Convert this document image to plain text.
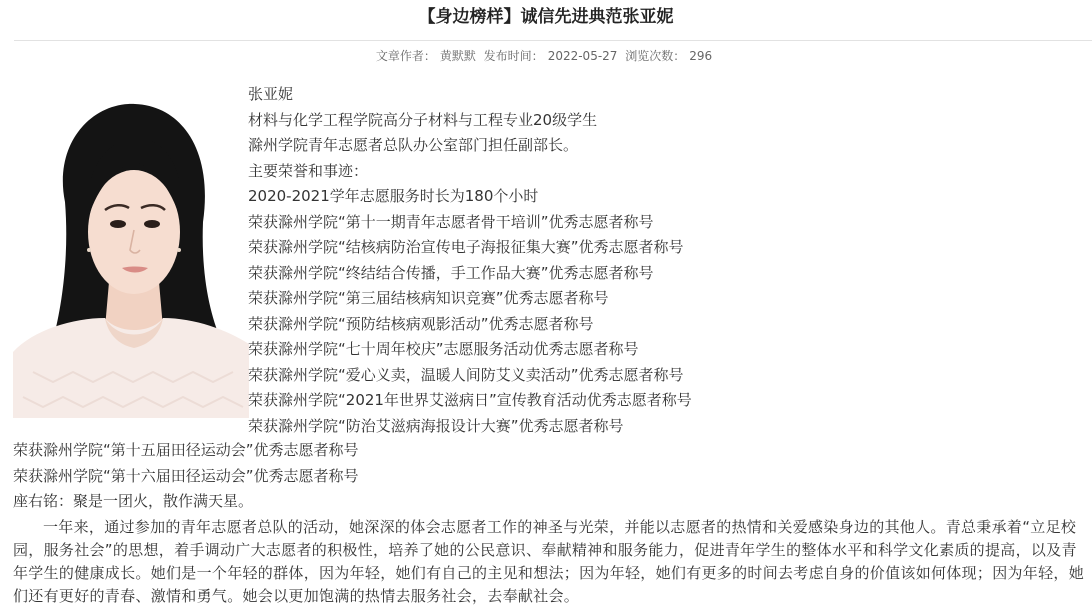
【身边榜样】诚信先进典范张亚妮
文章作者： 黄默默 发布时间： 2022-05-27 浏览次数： 296
张亚妮
材料与化学工程学院高分子材料与工程专业20级学生
滁州学院青年志愿者总队办公室部门担任副部长。
主要荣誉和事迹：
2020-2021学年志愿服务时长为180个小时
荣获滁州学院“第十一期青年志愿者骨干培训”优秀志愿者称号
荣获滁州学院“结核病防治宣传电子海报征集大赛”优秀志愿者称号
荣获滁州学院“终结结合传播，手工作品大赛”优秀志愿者称号
荣获滁州学院“第三届结核病知识竞赛”优秀志愿者称号
荣获滁州学院“预防结核病观影活动”优秀志愿者称号
荣获滁州学院“七十周年校庆”志愿服务活动优秀志愿者称号
荣获滁州学院“爱心义卖，温暖人间防艾义卖活动”优秀志愿者称号
荣获滁州学院“2021年世界艾滋病日”宣传教育活动优秀志愿者称号
荣获滁州学院“防治艾滋病海报设计大赛”优秀志愿者称号
荣获滁州学院“第十五届田径运动会”优秀志愿者称号
荣获滁州学院“第十六届田径运动会”优秀志愿者称号
座右铭：聚是一团火，散作满天星。
一年来，通过参加的青年志愿者总队的活动，她深深的体会志愿者工作的神圣与光荣，并能以志愿者的热情和关爱感染身边的其他人。青总秉承着“立足校园，服务社会”的思想，着手调动广大志愿者的积极性，培养了她的公民意识、奉献精神和服务能力，促进青年学生的整体水平和科学文化素质的提高，以及青年学生的健康成长。她们是一个年轻的群体，因为年轻，她们有自己的主见和想法；因为年轻，她们有更多的时间去考虑自身的价值该如何体现；因为年轻，她们还有更好的青春、激情和勇气。她会以更加饱满的热情去服务社会，去奉献社会。
